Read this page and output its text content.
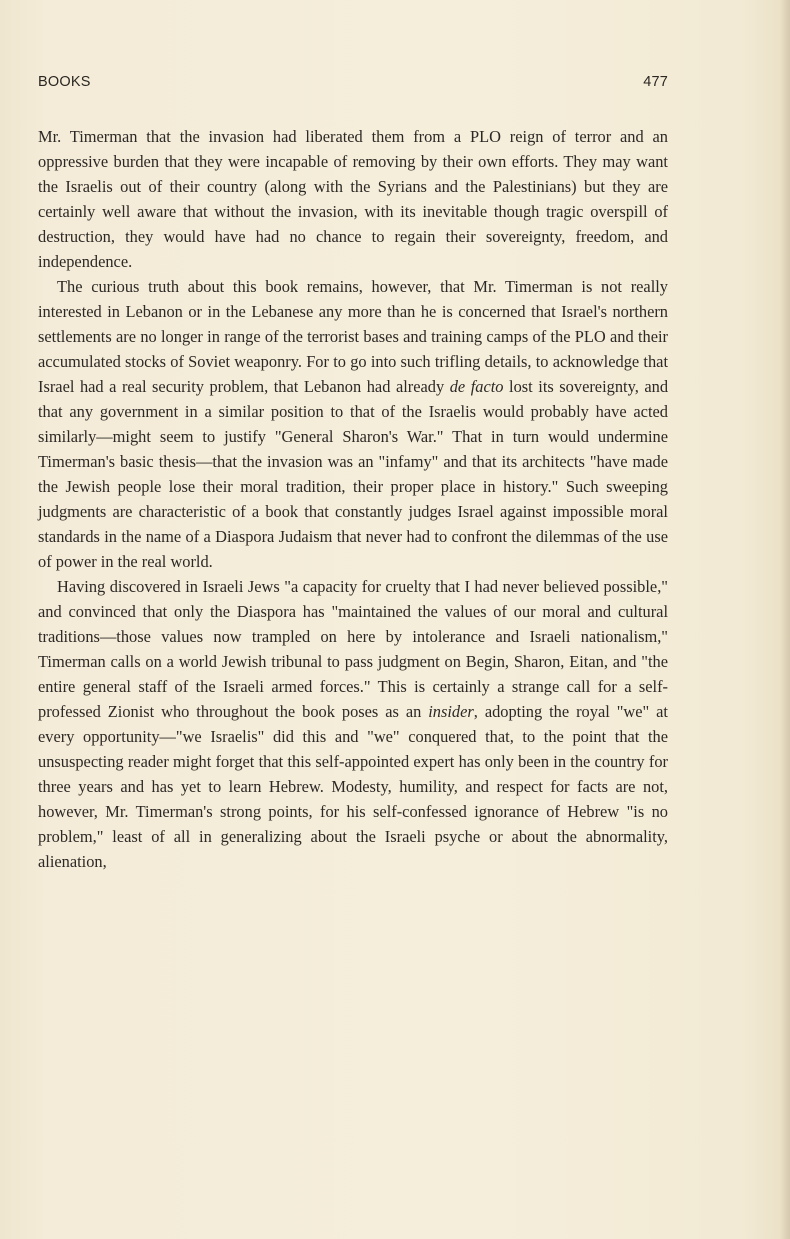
BOOKS	477

Mr. Timerman that the invasion had liberated them from a PLO reign of terror and an oppressive burden that they were incapable of removing by their own efforts. They may want the Israelis out of their country (along with the Syrians and the Palestinians) but they are certainly well aware that without the invasion, with its inevitable though tragic overspill of destruction, they would have had no chance to regain their sovereignty, freedom, and independence.

The curious truth about this book remains, however, that Mr. Timerman is not really interested in Lebanon or in the Lebanese any more than he is concerned that Israel's northern settlements are no longer in range of the terrorist bases and training camps of the PLO and their accumulated stocks of Soviet weaponry. For to go into such trifling details, to acknowledge that Israel had a real security problem, that Lebanon had already de facto lost its sovereignty, and that any government in a similar position to that of the Israelis would probably have acted similarly—might seem to justify "General Sharon's War." That in turn would undermine Timerman's basic thesis—that the invasion was an "infamy" and that its architects "have made the Jewish people lose their moral tradition, their proper place in history." Such sweeping judgments are characteristic of a book that constantly judges Israel against impossible moral standards in the name of a Diaspora Judaism that never had to confront the dilemmas of the use of power in the real world.

Having discovered in Israeli Jews "a capacity for cruelty that I had never believed possible," and convinced that only the Diaspora has "maintained the values of our moral and cultural traditions—those values now trampled on here by intolerance and Israeli nationalism," Timerman calls on a world Jewish tribunal to pass judgment on Begin, Sharon, Eitan, and "the entire general staff of the Israeli armed forces." This is certainly a strange call for a self-professed Zionist who throughout the book poses as an insider, adopting the royal "we" at every opportunity—"we Israelis" did this and "we" conquered that, to the point that the unsuspecting reader might forget that this self-appointed expert has only been in the country for three years and has yet to learn Hebrew. Modesty, humility, and respect for facts are not, however, Mr. Timerman's strong points, for his self-confessed ignorance of Hebrew "is no problem," least of all in generalizing about the Israeli psyche or about the abnormality, alienation,
